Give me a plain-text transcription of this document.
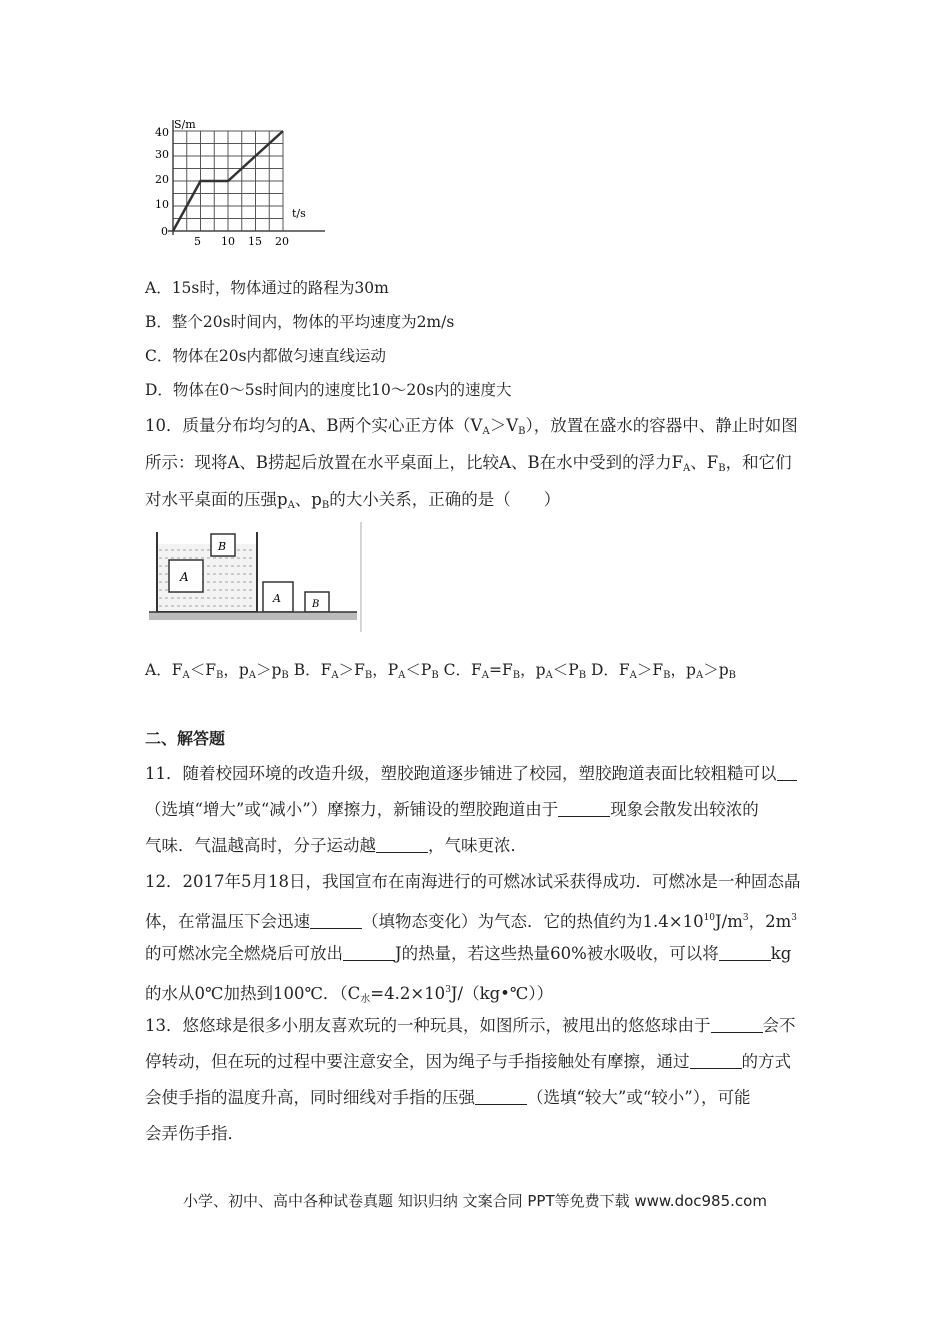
S/m
t/s
0
10
20
30
40
5 10 15 20
A．15s时，物体通过的路程为30m
B．整个20s时间内，物体的平均速度为2m/s
C．物体在20s内都做匀速直线运动
D．物体在0～5s时间内的速度比10～20s内的速度大
10．质量分布均匀的A、B两个实心正方体$(V_A>V_B)$，放置在盛水的容器中、静止时如图
所示：现将A、B捞起后放置在水平桌面上，比较A、B在水中受到的浮力$F_A$、$F_B$，和它们
对水平桌面的压强$p_A$、$p_B$的大小关系，正确的是（　　）
A
B
A	B
A．$F_A<F_B$，$p_A>p_B$ B．$F_A>F_B$，$P_A<P_B$ C．$F_A=F_B$，$p_A<P_B$ D．$F_A>F_B$，$p_A>p_B$
二、解答题
11．随着校园环境的改造升级，塑胶跑道逐步铺进了校园，塑胶跑道表面比较粗糙可以
（选填“增大”或“减小”）摩擦力，新铺设的塑胶跑道由于	现象会散发出较浓的
气味．气温越高时，分子运动越	，气味更浓．
12．2017年5月18日，我国宣布在南海进行的可燃冰试采获得成功．可燃冰是一种固态晶
体，在常温压下会迅速	（填物态变化）为气态．它的热值约为$1.4\times 10^{10}J/m^3$，$2m^3$
的可燃冰完全燃烧后可放出	J的热量，若这些热量60%被水吸收，可以将	kg
的水从0℃加热到100℃．$(C_水=4.2\times 10^3J/(kg•℃))$
13．悠悠球是很多小朋友喜欢玩的一种玩具，如图所示，被甩出的悠悠球由于	会不
停转动，但在玩的过程中要注意安全，因为绳子与手指接触处有摩擦，通过	的方式
会使手指的温度升高，同时细线对手指的压强	（选填“较大”或“较小”），可能
会弄伤手指．
小学、初中、高中各种试卷真题 知识归纳 文案合同 PPT等免费下载 www.doc985.com
